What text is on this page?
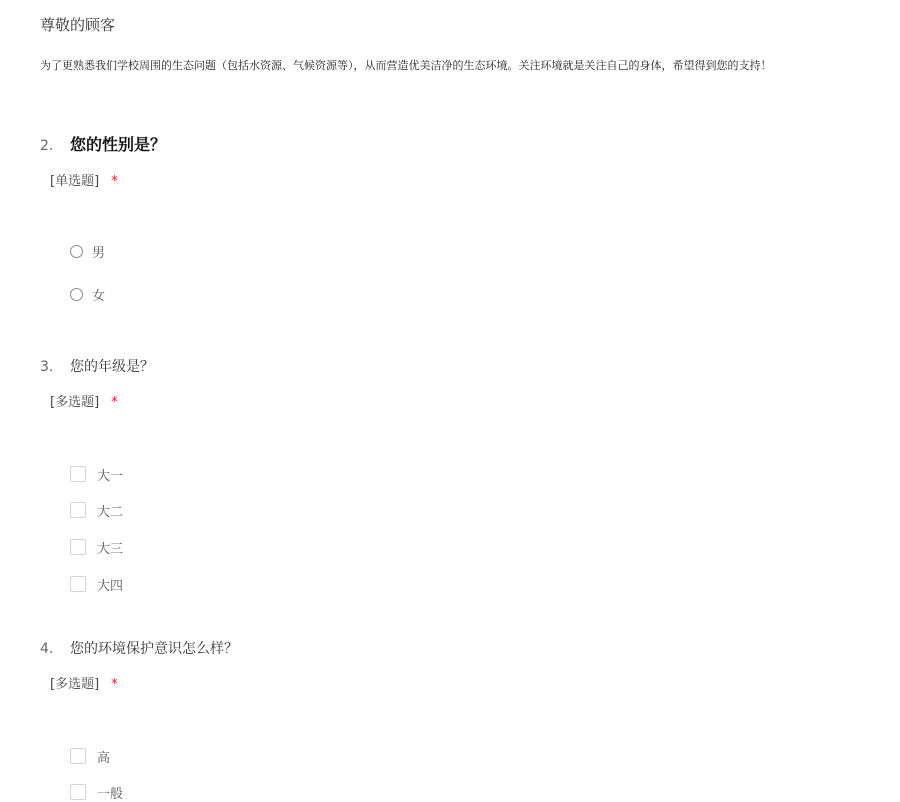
尊敬的顾客
为了更熟悉我们学校周围的生态问题（包括水资源、气候资源等），从而营造优美洁净的生态环境。关注环境就是关注自己的身体，希望得到您的支持！
2. 您的性别是？
[单选题] *
男
女
3. 您的年级是？
[多选题] *
大一
大二
大三
大四
4. 您的环境保护意识怎么样？
[多选题] *
高
一般
